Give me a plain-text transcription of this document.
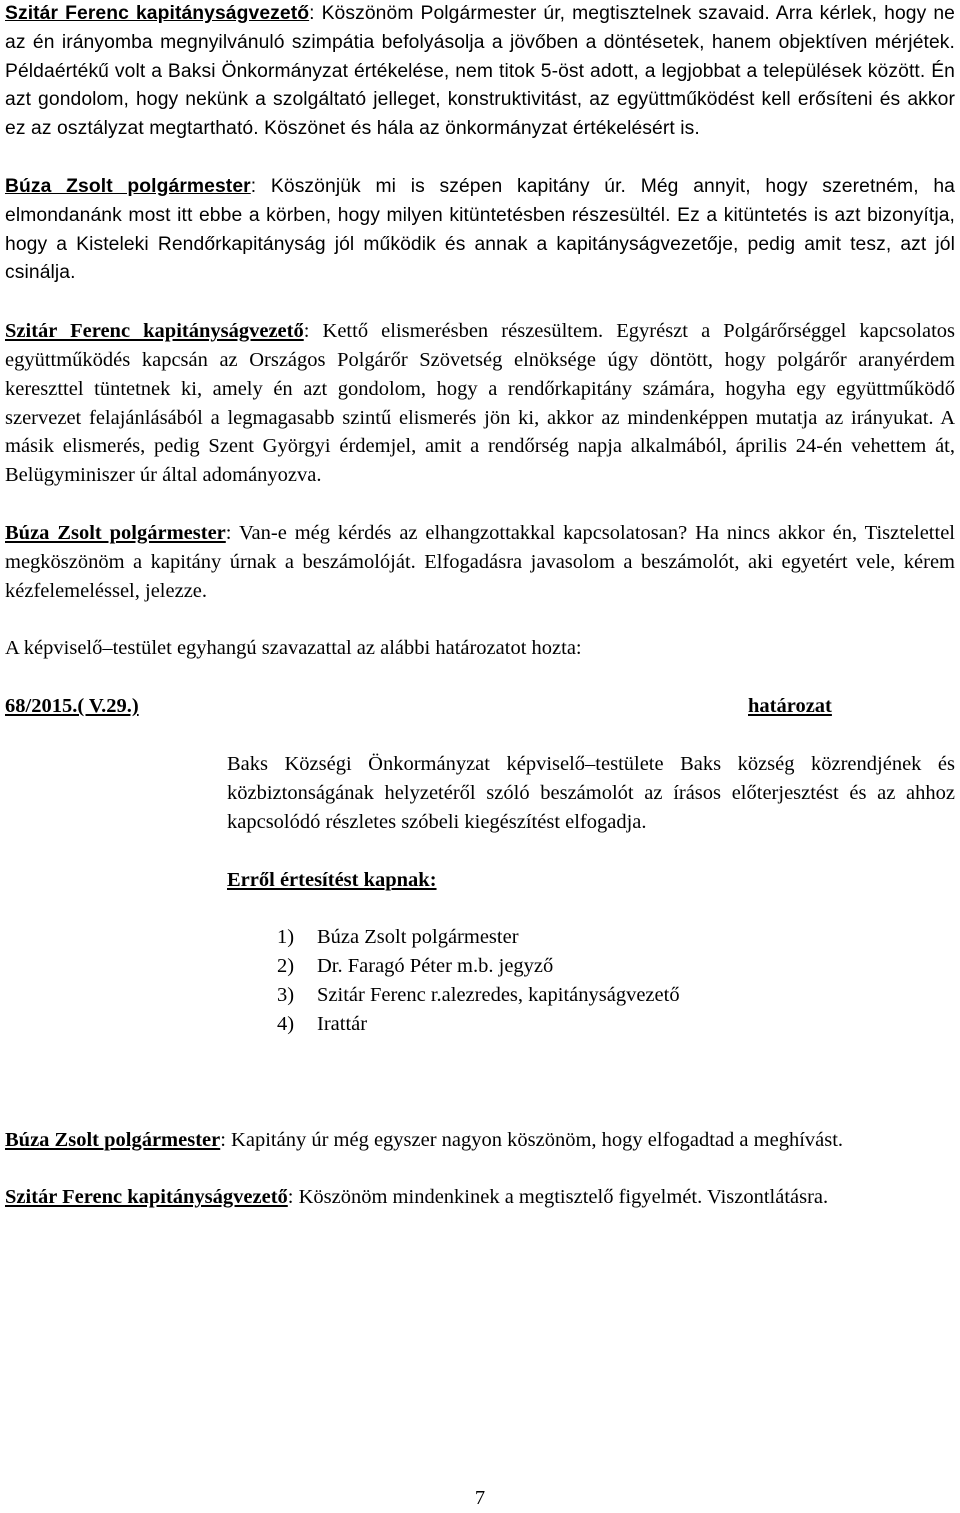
Szitár Ferenc kapitányságvezető: Köszönöm Polgármester úr, megtisztelnek szavaid. Arra kérlek, hogy ne az én irányomba megnyilvánuló szimpátia befolyásolja a jövőben a döntésetek, hanem objektíven mérjétek. Példaértékű volt a Baksi Önkormányzat értékelése, nem titok 5-öst adott, a legjobbat a települések között. Én azt gondolom, hogy nekünk a szolgáltató jelleget, konstruktivitást, az együttműködést kell erősíteni és akkor ez az osztályzat megtartható. Köszönet és hála az önkormányzat értékelésért is.

Búza Zsolt polgármester: Köszönjük mi is szépen kapitány úr. Még annyit, hogy szeretném, ha elmondanánk most itt ebbe a körben, hogy milyen kitüntetésben részesültél. Ez a kitüntetés is azt bizonyítja, hogy a Kisteleki Rendőrkapitányság jól működik és annak a kapitányságvezetője, pedig amit tesz, azt jól csinálja.

Szitár Ferenc kapitányságvezető: Kettő elismerésben részesültem. Egyrészt a Polgárőrséggel kapcsolatos együttműködés kapcsán az Országos Polgárőr Szövetség elnöksége úgy döntött, hogy polgárőr aranyérdem kereszttel tüntetnek ki, amely én azt gondolom, hogy a rendőrkapitány számára, hogyha egy együttműködő szervezet felajánlásából a legmagasabb szintű elismerés jön ki, akkor az mindenképpen mutatja az irányukat. A másik elismerés, pedig Szent Györgyi érdemjel, amit a rendőrség napja alkalmából, április 24-én vehettem át, Belügyminiszer úr által adományozva.

Búza Zsolt polgármester: Van-e még kérdés az elhangzottakkal kapcsolatosan? Ha nincs akkor én, Tisztelettel megköszönöm a kapitány úrnak a beszámolóját. Elfogadásra javasolom a beszámolót, aki egyetért vele, kérem kézfelemeléssel, jelezze.

A képviselő–testület egyhangú szavazattal az alábbi határozatot hozta:

68/2015.( V.29.)	határozat

Baks Községi Önkormányzat képviselő–testülete Baks község közrendjének és közbiztonságának helyzetéről szóló beszámolót az írásos előterjesztést és az ahhoz kapcsolódó részletes szóbeli kiegészítést elfogadja.

Erről értesítést kapnak:
1)	Búza Zsolt polgármester
2)	Dr. Faragó Péter m.b. jegyző
3)	Szitár Ferenc r.alezredes, kapitányságvezető
4)	Irattár

Búza Zsolt polgármester: Kapitány úr még egyszer nagyon köszönöm, hogy elfogadtad a meghívást.

Szitár Ferenc kapitányságvezető: Köszönöm mindenkinek a megtisztelő figyelmét. Viszontlátásra.

7
